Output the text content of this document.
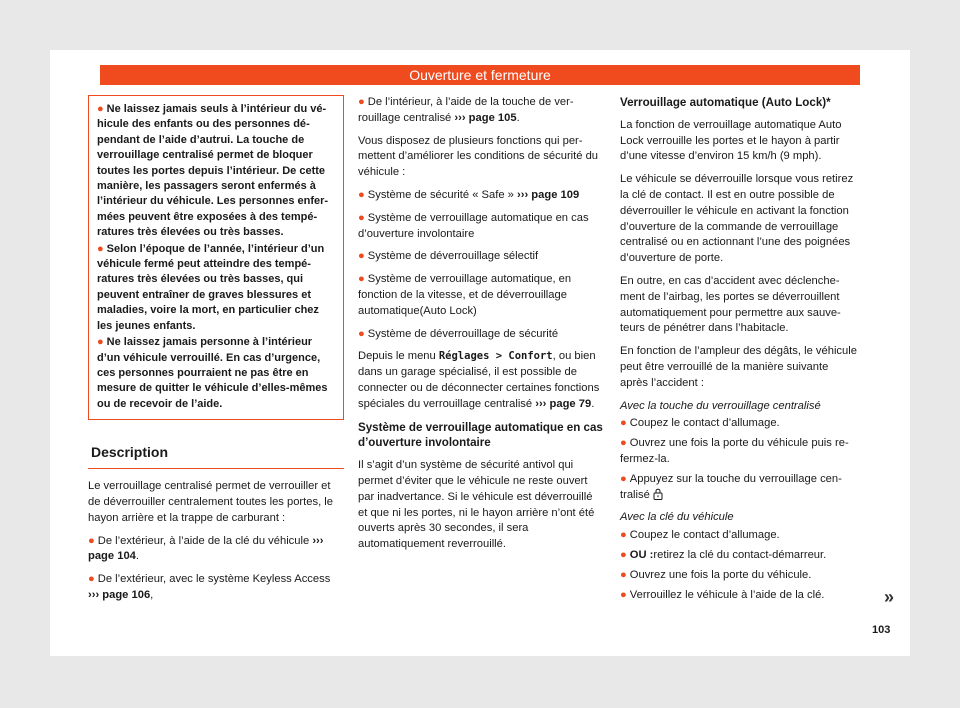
Ouverture et fermeture

● Ne laissez jamais seuls à l’intérieur du véhicule des enfants ou des personnes dépendant de l’aide d’autrui. La touche de verrouillage centralisé permet de bloquer toutes les portes depuis l’intérieur. De cette manière, les passagers seront enfermés à l’intérieur du véhicule. Les personnes enfermées peuvent être exposées à des températures très élevées ou très basses.

● Selon l’époque de l’année, l’intérieur d’un véhicule fermé peut atteindre des températures très élevées ou très basses, qui peuvent entraîner de graves blessures et maladies, voire la mort, en particulier chez les jeunes enfants.

● Ne laissez jamais personne à l’intérieur d’un véhicule verrouillé. En cas d’urgence, ces personnes pourraient ne pas être en mesure de quitter le véhicule d’elles-mêmes ou de recevoir de l’aide.

Description

Le verrouillage centralisé permet de verrouiller et de déverrouiller centralement toutes les portes, le hayon arrière et la trappe de carburant :

● De l’extérieur, à l’aide de la clé du véhicule ››› page 104.

● De l’extérieur, avec le système Keyless Access ››› page 106,

● De l’intérieur, à l’aide de la touche de verrouillage centralisé ››› page 105.

Vous disposez de plusieurs fonctions qui permettent d’améliorer les conditions de sécurité du véhicule :

● Système de sécurité « Safe » ››› page 109

● Système de verrouillage automatique en cas d’ouverture involontaire

● Système de déverrouillage sélectif

● Système de verrouillage automatique, en fonction de la vitesse, et de déverrouillage automatique(Auto Lock)

● Système de déverrouillage de sécurité

Depuis le menu Réglages > Confort, ou bien dans un garage spécialisé, il est possible de connecter ou de déconnecter certaines fonctions spéciales du verrouillage centralisé ››› page 79.

Système de verrouillage automatique en cas d’ouverture involontaire

Il s’agit d’un système de sécurité antivol qui permet d’éviter que le véhicule ne reste ouvert par inadvertance. Si le véhicule est déverrouillé et que ni les portes, ni le hayon arrière n’ont été ouverts après 30 secondes, il sera automatiquement reverrouillé.

Verrouillage automatique (Auto Lock)*

La fonction de verrouillage automatique Auto Lock verrouille les portes et le hayon à partir d’une vitesse d’environ 15 km/h (9 mph).

Le véhicule se déverrouille lorsque vous retirez la clé de contact. Il est en outre possible de déverrouiller le véhicule en activant la fonction d’ouverture de la commande de verrouillage centralisé ou en actionnant l’une des poignées d’ouverture de porte.

En outre, en cas d’accident avec déclenchement de l’airbag, les portes se déverrouillent automatiquement pour permettre aux sauveteurs de pénétrer dans l’habitacle.

En fonction de l’ampleur des dégâts, le véhicule peut être verrouillé de la manière suivante après l’accident :

Avec la touche du verrouillage centralisé

● Coupez le contact d’allumage.

● Ouvrez une fois la porte du véhicule puis refermez-la.

● Appuyez sur la touche du verrouillage centralisé

Avec la clé du véhicule

● Coupez le contact d’allumage.

● OU :retirez la clé du contact-démarreur.

● Ouvrez une fois la porte du véhicule.

● Verrouillez le véhicule à l’aide de la clé.	»
103
